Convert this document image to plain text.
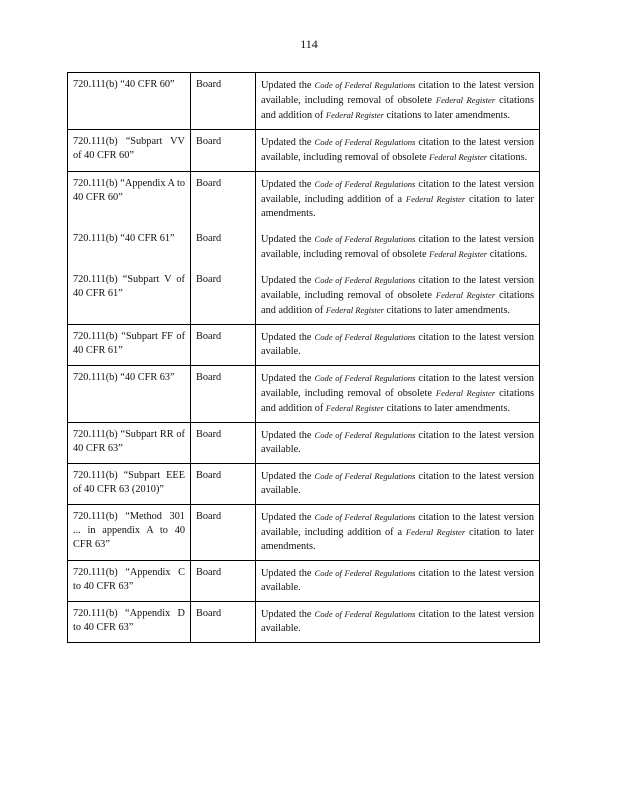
114
720.111(b) “40 CFR 60”	Board	Updated the Code of Federal Regulations citation to the latest version available, including removal of obsolete Federal Register citations and addition of Federal Register citations to later amendments.
720.111(b) “Subpart VV of 40 CFR 60”	Board	Updated the Code of Federal Regulations citation to the latest version available, including removal of obsolete Federal Register citations.
720.111(b) “Appendix A to 40 CFR 60”	Board	Updated the Code of Federal Regulations citation to the latest version available, including addition of a Federal Register citation to later amendments.
720.111(b) “40 CFR 61”	Board	Updated the Code of Federal Regulations citation to the latest version available, including removal of obsolete Federal Register citations.
720.111(b) “Subpart V of 40 CFR 61”	Board	Updated the Code of Federal Regulations citation to the latest version available, including removal of obsolete Federal Register citations and addition of Federal Register citations to later amendments.
720.111(b) “Subpart FF of 40 CFR 61”	Board	Updated the Code of Federal Regulations citation to the latest version available.
720.111(b) “40 CFR 63”	Board	Updated the Code of Federal Regulations citation to the latest version available, including removal of obsolete Federal Register citations and addition of Federal Register citations to later amendments.
720.111(b) “Subpart RR of 40 CFR 63”	Board	Updated the Code of Federal Regulations citation to the latest version available.
720.111(b) “Subpart EEE of 40 CFR 63 (2010)”	Board	Updated the Code of Federal Regulations citation to the latest version available.
720.111(b) “Method 301 ... in appendix A to 40 CFR 63”	Board	Updated the Code of Federal Regulations citation to the latest version available, including addition of a Federal Register citation to later amendments.
720.111(b) “Appendix C to 40 CFR 63”	Board	Updated the Code of Federal Regulations citation to the latest version available.
720.111(b) “Appendix D to 40 CFR 63”	Board	Updated the Code of Federal Regulations citation to the latest version available.
